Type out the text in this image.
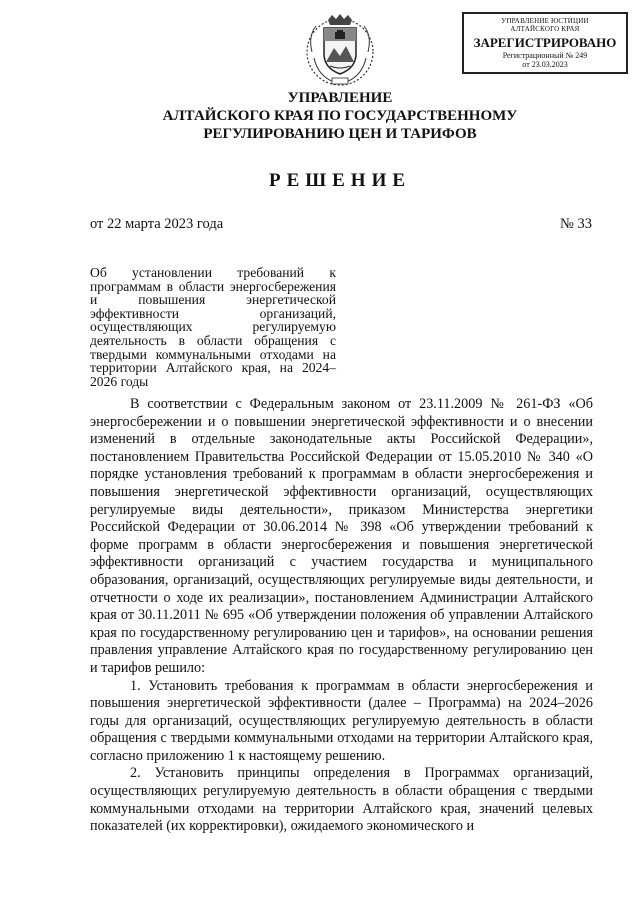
УПРАВЛЕНИЕ ЮСТИЦИИ
АЛТАЙСКОГО КРАЯ
ЗАРЕГИСТРИРОВАНО
Регистрационный № 249
от 23.03.2023
УПРАВЛЕНИЕ
АЛТАЙСКОГО КРАЯ ПО ГОСУДАРСТВЕННОМУ
РЕГУЛИРОВАНИЮ ЦЕН И ТАРИФОВ
РЕШЕНИЕ
от 22 марта 2023 года	№ 33
Об установлении требований к программам в области энергосбережения и повышения энергетической эффективности организаций, осуществляющих регулируемую деятельность в области обращения с твердыми коммунальными отходами на территории Алтайского края, на 2024–2026 годы

В соответствии с Федеральным законом от 23.11.2009 № 261-ФЗ «Об энергосбережении и о повышении энергетической эффективности и о внесении изменений в отдельные законодательные акты Российской Федерации», постановлением Правительства Российской Федерации от 15.05.2010 № 340 «О порядке установления требований к программам в области энергосбережения и повышения энергетической эффективности организаций, осуществляющих регулируемые виды деятельности», приказом Министерства энергетики Российской Федерации от 30.06.2014 № 398 «Об утверждении требований к форме программ в области энергосбережения и повышения энергетической эффективности организаций с участием государства и муниципального образования, организаций, осуществляющих регулируемые виды деятельности, и отчетности о ходе их реализации», постановлением Администрации Алтайского края от 30.11.2011 № 695 «Об утверждении положения об управлении Алтайского края по государственному регулированию цен и тарифов», на основании решения правления управление Алтайского края по государственному регулированию цен и тарифов решило:

1. Установить требования к программам в области энергосбережения и повышения энергетической эффективности (далее – Программа) на 2024–2026 годы для организаций, осуществляющих регулируемую деятельность в области обращения с твердыми коммунальными отходами на территории Алтайского края, согласно приложению 1 к настоящему решению.

2. Установить принципы определения в Программах организаций, осуществляющих регулируемую деятельность в области обращения с твердыми коммунальными отходами на территории Алтайского края, значений целевых показателей (их корректировки), ожидаемого экономического и
